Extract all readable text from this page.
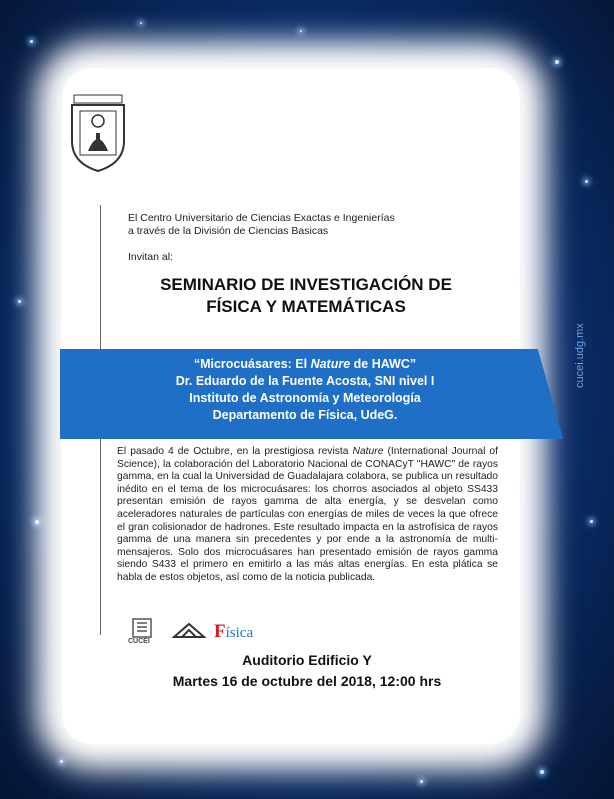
El Centro Universitario de Ciencias Exactas e Ingenierías
a través de la División de Ciencias Basicas
Invitan al:
SEMINARIO DE INVESTIGACIÓN DE
FÍSICA Y MATEMÁTICAS
“Microcuásares: El Nature de HAWC”
Dr. Eduardo de la Fuente Acosta, SNI nivel I
Instituto de Astronomía y Meteorología
Departamento de Física, UdeG.
cucei.udg.mx
El pasado 4 de Octubre, en la prestigiosa revista Nature (International Journal of Science), la colaboración del Laboratorio Nacional de CONACyT "HAWC" de rayos gamma, en la cual la Universidad de Guadalajara colabora, se publica un resultado inédito en el tema de los microcuásares: los chorros asociados al objeto SS433 presentan emisión de rayos gamma de alta energía, y se desvelan como aceleradores naturales de partículas con energías de miles de veces la que ofrece el gran colisionador de hadrones. Este resultado impacta en la astrofísica de rayos gamma de una manera sin precedentes y por ende a la astronomía de multi-mensajeros. Solo dos microcuásares han presentado emisión de rayos gamma siendo S433 el primero en emitirlo a las más altas energías. En esta plática se habla de estos objetos, así como de la noticia publicada.
CUCEI	Física
Auditorio Edificio Y
Martes 16 de octubre del 2018, 12:00 hrs
